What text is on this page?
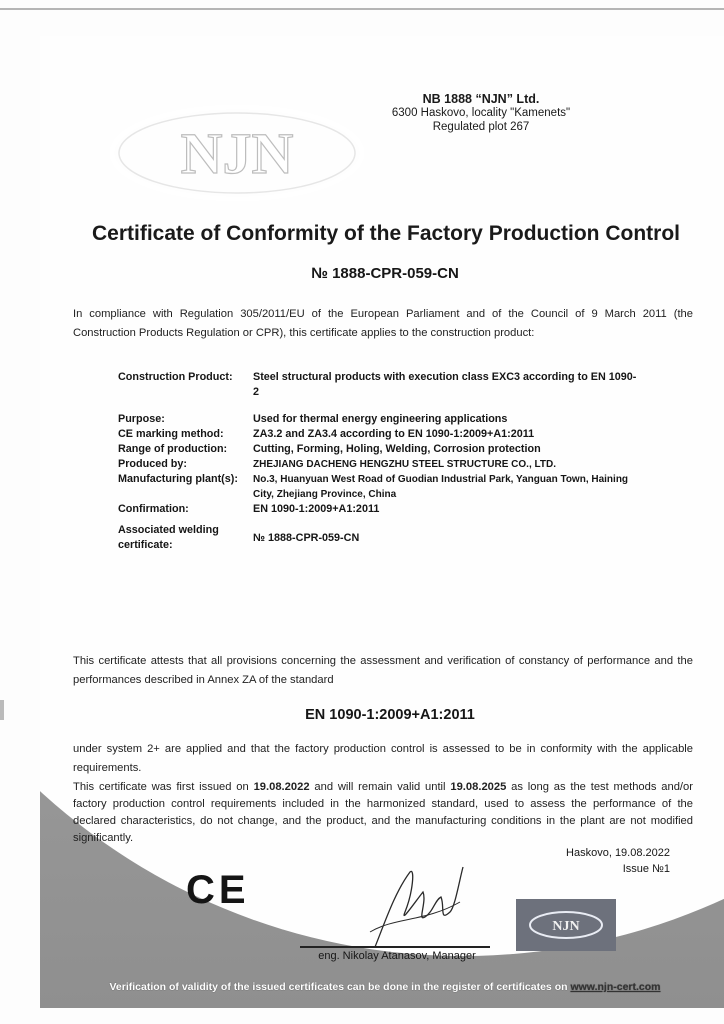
NJN
NB 1888 “NJN” Ltd.
6300 Haskovo, locality "Kamenets"
Regulated plot 267
Certificate of Conformity of the Factory Production Control
№ 1888-CPR-059-CN
In compliance with Regulation 305/2011/EU of the European Parliament and of the Council of 9 March 2011 (the Construction Products Regulation or CPR), this certificate applies to the construction product:
Construction Product:	Steel structural products with execution class EXC3 according to EN 1090-2
Purpose:	Used for thermal energy engineering applications
CE marking method:	ZA3.2 and ZA3.4 according to EN 1090-1:2009+A1:2011
Range of production:	Cutting, Forming, Holing, Welding, Corrosion protection
Produced by:	ZHEJIANG DACHENG HENGZHU STEEL STRUCTURE CO., LTD.
Manufacturing plant(s): No.3, Huanyuan West Road of Guodian Industrial Park, Yanguan Town, Haining City, Zhejiang Province, China
Confirmation:	EN 1090-1:2009+A1:2011
Associated welding certificate:
№ 1888-CPR-059-CN
This certificate attests that all provisions concerning the assessment and verification of constancy of performance and the performances described in Annex ZA of the standard
EN 1090-1:2009+A1:2011
under system 2+ are applied and that the factory production control is assessed to be in conformity with the applicable requirements.
This certificate was first issued on 19.08.2022 and will remain valid until 19.08.2025 as long as the test methods and/or factory production control requirements included in the harmonized standard, used to assess the performance of the declared characteristics, do not change, and the product, and the manufacturing conditions in the plant are not modified significantly.
Haskovo, 19.08.2022
Issue №1
CE
eng. Nikolay Atanasov, Manager
NJN
Verification of validity of the issued certificates can be done in the register of certificates on www.njn-cert.com
